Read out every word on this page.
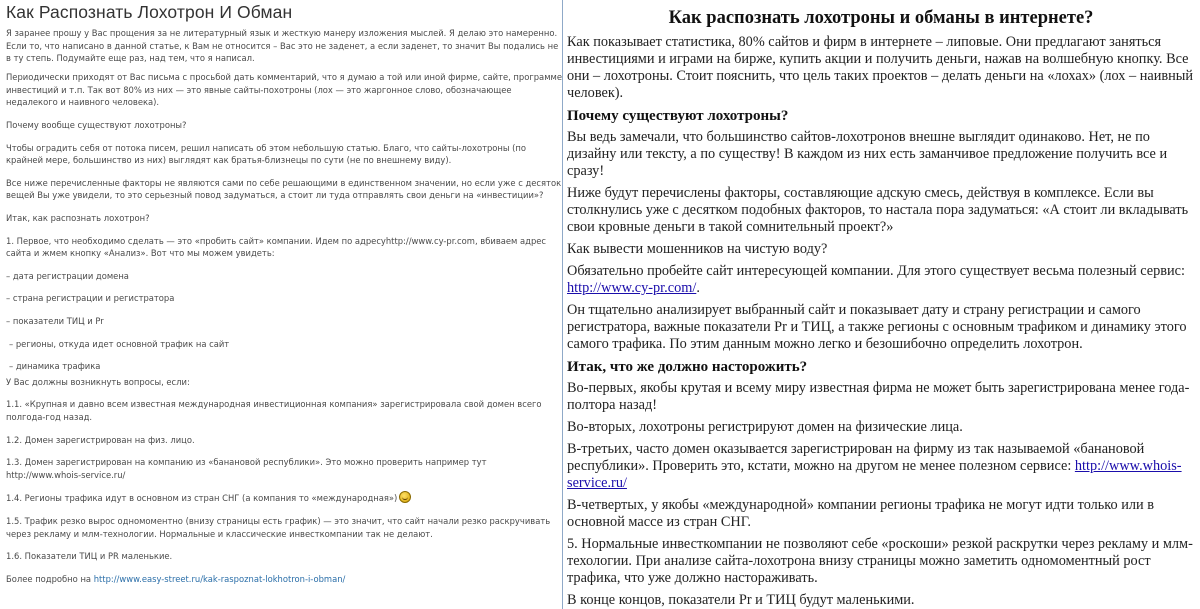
Как Распознать Лохотрон И Обман

Я заранее прошу у Вас прощения за не литературный язык и жесткую манеру изложения мыслей. Я делаю это намеренно. Если то, что написано в данной статье, к Вам не относится – Вас это не заденет, а если заденет, то значит Вы подались не в ту степь. Подумайте еще раз, над тем, что я написал.

Периодически приходят от Вас письма с просьбой дать комментарий, что я думаю а той или иной фирме, сайте, программе инвестиций и т.п. Так вот 80% из них — это явные сайты-похотроны (лох — это жаргонное слово, обозначающее недалекого и наивного человека).

Почему вообще существуют лохотроны?

Чтобы оградить себя от потока писем, решил написать об этом небольшую статью. Благо, что сайты-лохотроны (по крайней мере, большинство из них) выглядят как братья-близнецы по сути (не по внешнему виду).

Все ниже перечисленные факторы не являются сами по себе решающими в единственном значении, но если уже с десяток вещей Вы уже увидели, то это серьезный повод задуматься, а стоит ли туда отправлять свои деньги на «инвестиции»?

Итак, как распознать лохотрон?

1. Первое, что необходимо сделать — это «пробить сайт» компании. Идем по адресуhttp://www.cy-pr.com, вбиваем адрес сайта и жмем кнопку «Анализ». Вот что мы можем увидеть:

– дата регистрации домена

– страна регистрации и регистратора

– показатели ТИЦ и Pr

– регионы, откуда идет основной трафик на сайт

– динамика трафика

У Вас должны возникнуть вопросы, если:

1.1. «Крупная и давно всем известная международная инвестиционная компания» зарегистрировала свой домен всего полгода-год назад.

1.2. Домен зарегистрирован на физ. лицо.

1.3. Домен зарегистрирован на компанию из «банановой республики». Это можно проверить например тут http://www.whois-service.ru/

1.4. Регионы трафика идут в основном из стран СНГ (а компания то «международная»)

1.5. Трафик резко вырос одномоментно (внизу страницы есть график) — это значит, что сайт начали резко раскручивать через рекламу и млм-технологии. Нормальные и классические инвесткомпании так не делают.

1.6. Показатели ТИЦ и PR маленькие.

Более подробно на http://www.easy-street.ru/kak-raspoznat-lokhotron-i-obman/

Как распознать лохотроны и обманы в интернете?

Как показывает статистика, 80% сайтов и фирм в интернете – липовые. Они предлагают заняться инвестициями и играми на бирже, купить акции и получить деньги, нажав на волшебную кнопку. Все они – лохотроны. Стоит пояснить, что цель таких проектов – делать деньги на «лохах» (лох – наивный человек).

Почему существуют лохотроны?

Вы ведь замечали, что большинство сайтов-лохотронов внешне выглядит одинаково. Нет, не по дизайну или тексту, а по существу! В каждом из них есть заманчивое предложение получить все и сразу!

Ниже будут перечислены факторы, составляющие адскую смесь, действуя в комплексе. Если вы столкнулись уже с десятком подобных факторов, то настала пора задуматься: «А стоит ли вкладывать свои кровные деньги в такой сомнительный проект?»

Как вывести мошенников на чистую воду?

Обязательно пробейте сайт интересующей компании. Для этого существует весьма полезный сервис: http://www.cy-pr.com/.

Он тщательно анализирует выбранный сайт и показывает дату и страну регистрации и самого регистратора, важные показатели Pr и ТИЦ, а также регионы с основным трафиком и динамику этого самого трафика. По этим данным можно легко и безошибочно определить лохотрон.

Итак, что же должно насторожить?

Во-первых, якобы крутая и всему миру известная фирма не может быть зарегистрирована менее года-полтора назад!

Во-вторых, лохотроны регистрируют домен на физические лица.

В-третьих, часто домен оказывается зарегистрирован на фирму из так называемой «банановой республики». Проверить это, кстати, можно на другом не менее полезном сервисе: http://www.whois-service.ru/

В-четвертых, у якобы «международной» компании регионы трафика не могут идти только или в основной массе из стран СНГ.

5. Нормальные инвесткомпании не позволяют себе «роскоши» резкой раскрутки через рекламу и млм-техологии. При анализе сайта-лохотрона внизу страницы можно заметить одномоментный рост трафика, что уже должно настораживать.

В конце концов, показатели Pr и ТИЦ будут маленькими.
